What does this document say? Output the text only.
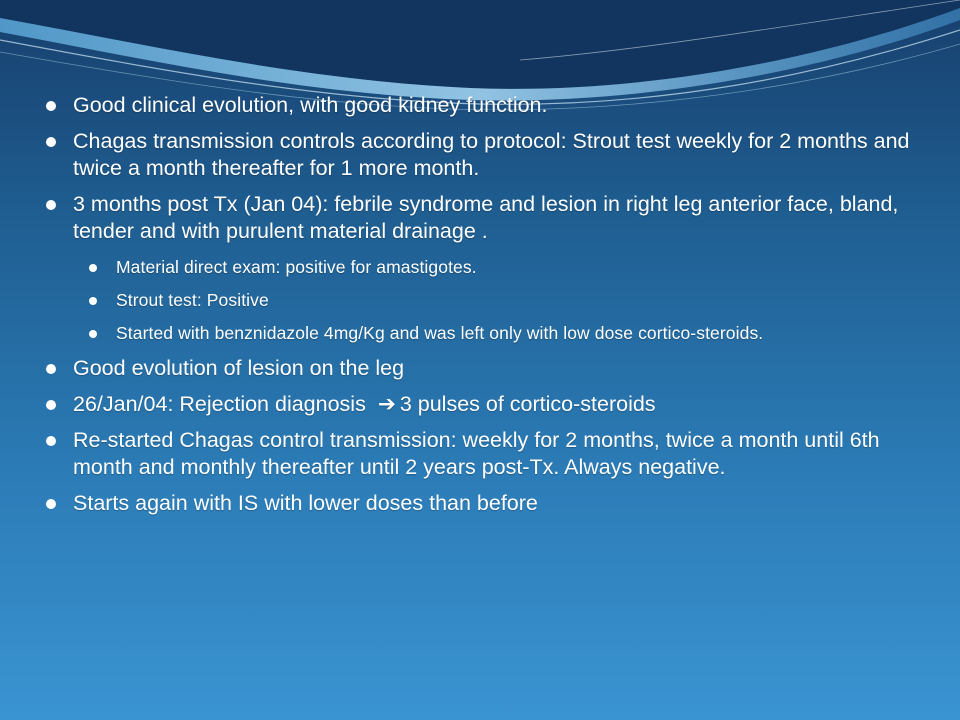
Good clinical evolution, with good kidney function.
Chagas transmission controls according to protocol: Strout test weekly for 2 months and twice a month thereafter for 1 more month.
3 months post Tx (Jan 04): febrile syndrome and lesion in right leg anterior face, bland, tender and with purulent material drainage .
Material direct exam: positive for amastigotes.
Strout test: Positive
Started with benznidazole 4mg/Kg and was left only with low dose cortico-steroids.
Good evolution of lesion on the leg
26/Jan/04: Rejection diagnosis ➔ 3 pulses of cortico-steroids
Re-started Chagas control transmission: weekly for 2 months, twice a month until 6th month and monthly thereafter until 2 years post-Tx. Always negative.
Starts again with IS with lower doses than before
